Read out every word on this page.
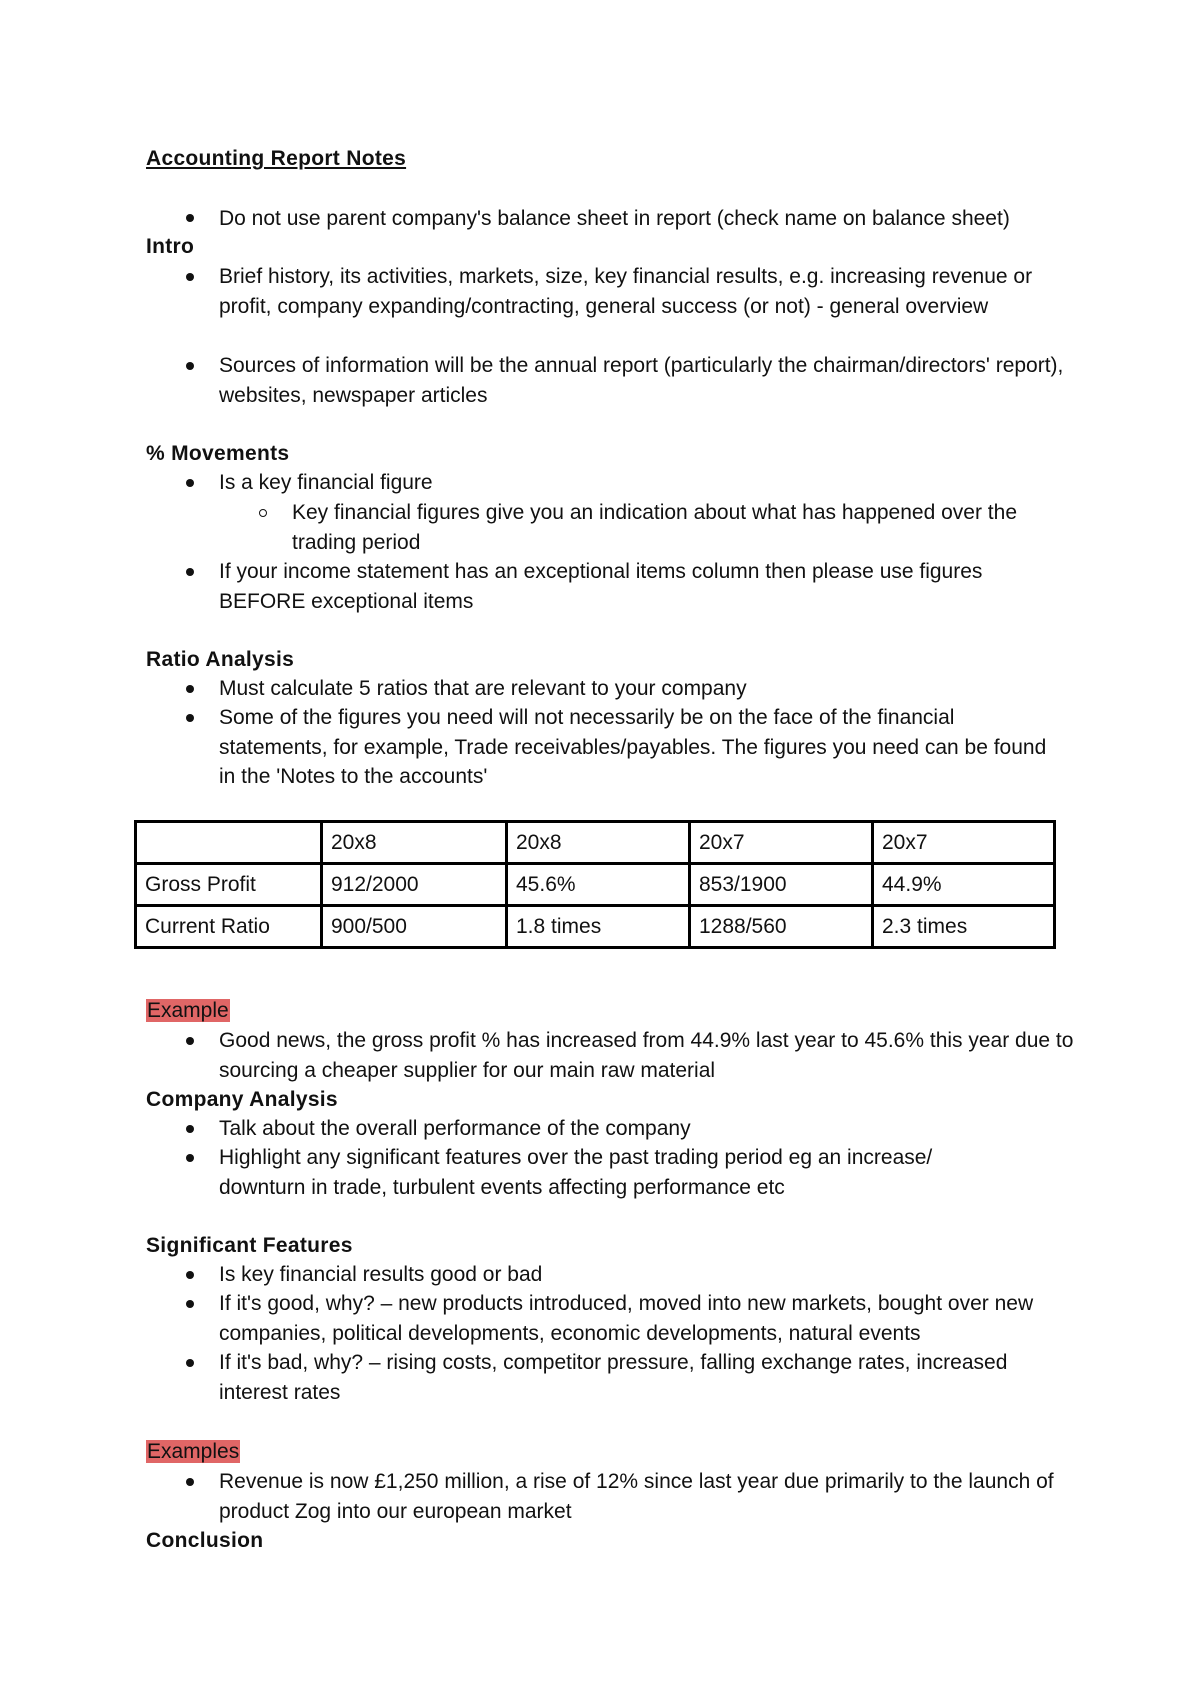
Accounting Report Notes
Do not use parent company's balance sheet in report (check name on balance sheet)
Intro
Brief history, its activities, markets, size, key financial results, e.g. increasing revenue or profit, company expanding/contracting, general success (or not) - general overview
Sources of information will be the annual report (particularly the chairman/directors' report), websites, newspaper articles
% Movements
Is a key financial figure
Key financial figures give you an indication about what has happened over the trading period
If your income statement has an exceptional items column then please use figures BEFORE exceptional items
Ratio Analysis
Must calculate 5 ratios that are relevant to your company
Some of the figures you need will not necessarily be on the face of the financial statements, for example, Trade receivables/payables. The figures you need can be found in the 'Notes to the accounts'
	20x8	20x8	20x7	20x7
Gross Profit	912/2000	45.6%	853/1900	44.9%
Current Ratio	900/500	1.8 times	1288/560	2.3 times
Example
Good news, the gross profit % has increased from 44.9% last year to 45.6% this year due to sourcing a cheaper supplier for our main raw material
Company Analysis
Talk about the overall performance of the company
Highlight any significant features over the past trading period eg an increase/ downturn in trade, turbulent events affecting performance etc
Significant Features
Is key financial results good or bad
If it's good, why? – new products introduced, moved into new markets, bought over new companies, political developments, economic developments, natural events
If it's bad, why? – rising costs, competitor pressure, falling exchange rates, increased interest rates
Examples
Revenue is now £1,250 million, a rise of 12% since last year due primarily to the launch of product Zog into our european market
Conclusion
